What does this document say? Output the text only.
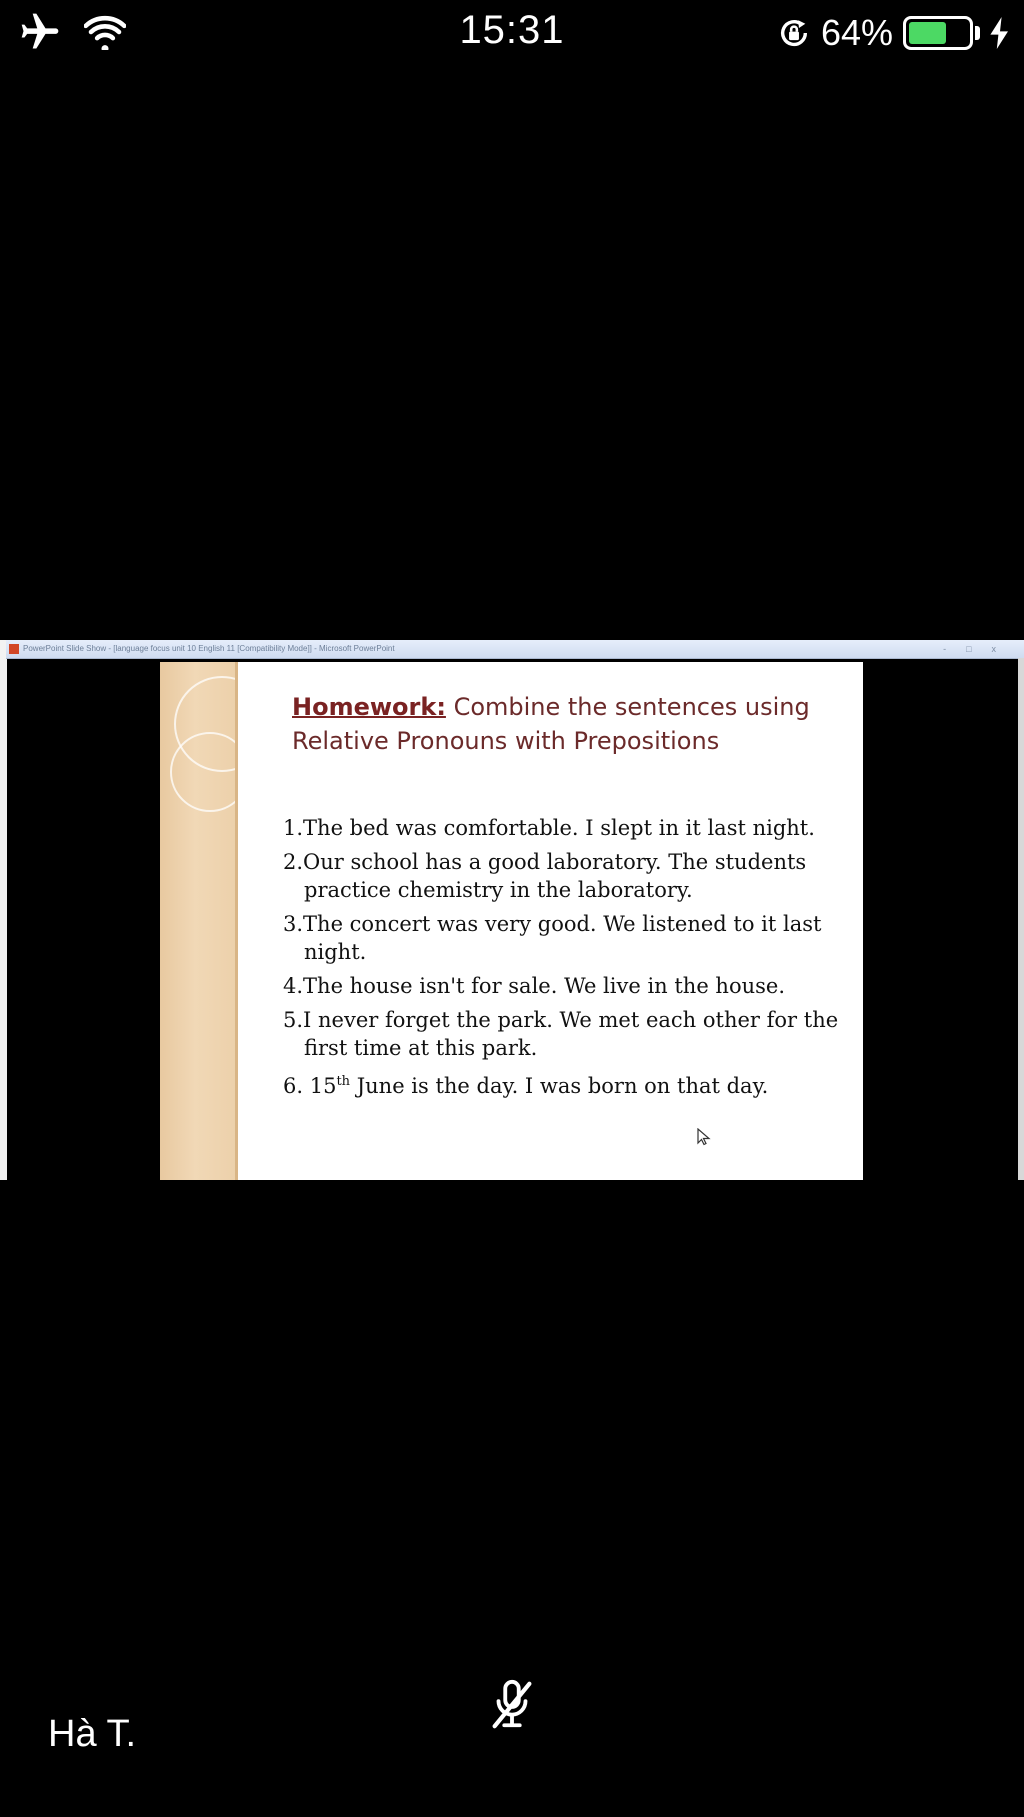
15:31	64%
PowerPoint Slide Show - [language focus unit 10 English 11 [Compatibility Mode]] - Microsoft PowerPoint	-□x
Homework: Combine the sentences using Relative Pronouns with Prepositions
1.The bed was comfortable. I slept in it last night.
2.Our school has a good laboratory. The students practice chemistry in the laboratory.
3.The concert was very good. We listened to it last night.
4.The house isn't for sale. We live in the house.
5.I never forget the park. We met each other for the first time at this park.
6. 15th June is the day. I was born on that day.
Hà T.
